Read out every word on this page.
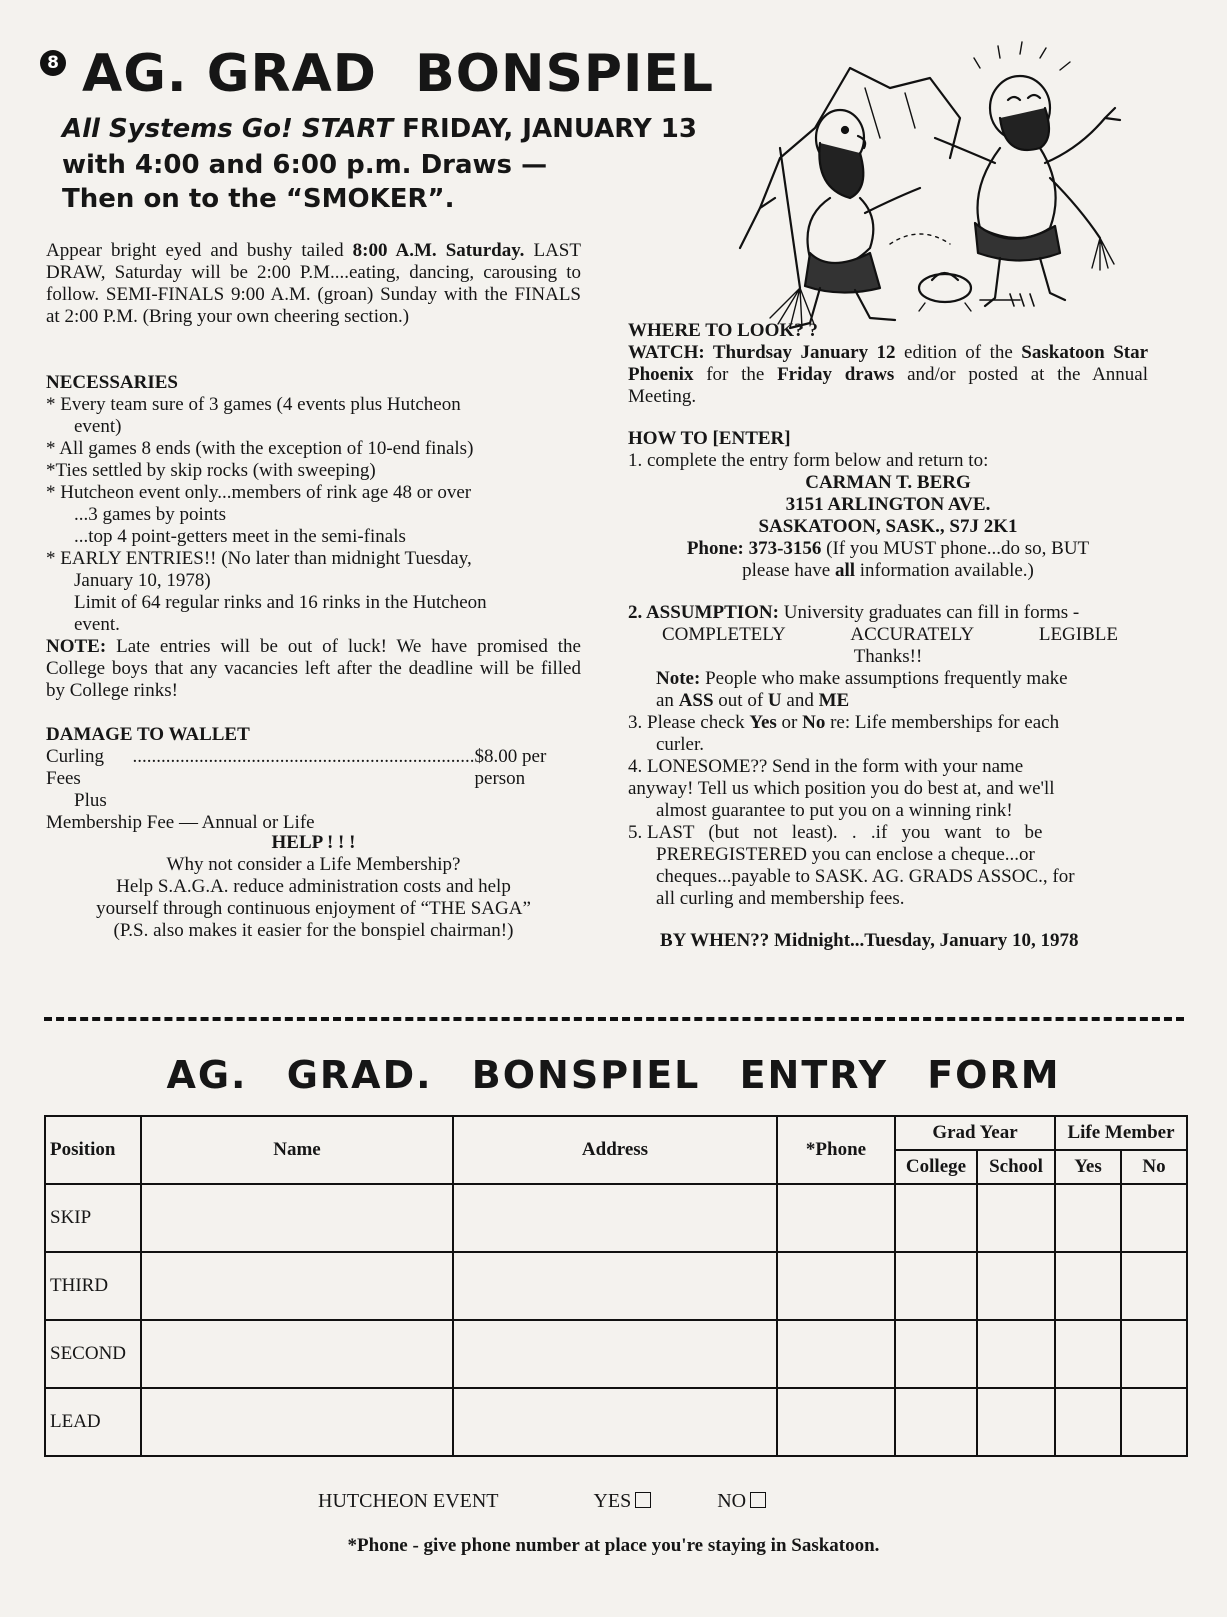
8 AG. GRAD  BONSPIEL
All Systems Go! START FRIDAY, JANUARY 13
with 4:00 and 6:00 p.m. Draws —
Then on to the “SMOKER”.
Appear bright eyed and bushy tailed 8:00 A.M. Saturday. LAST DRAW, Saturday will be 2:00 P.M....eating, dancing, carousing to follow. SEMI-FINALS 9:00 A.M. (groan) Sunday with the FINALS at 2:00 P.M. (Bring your own cheering section.)
NECESSARIES
* Every team sure of 3 games (4 events plus Hutcheon
event)
* All games 8 ends (with the exception of 10-end finals)
*Ties settled by skip rocks (with sweeping)
* Hutcheon event only...members of rink age 48 or over
...3 games by points
...top 4 point-getters meet in the semi-finals
* EARLY ENTRIES!! (No later than midnight Tuesday,
January 10, 1978)
Limit of 64 regular rinks and 16 rinks in the Hutcheon
event.
NOTE: Late entries will be out of luck! We have promised the College boys that any vacancies left after the deadline will be filled by College rinks!
DAMAGE TO WALLET
Curling Fees
........................................................................ $8.00 per person
Plus
Membership Fee — Annual or Life
HELP ! ! !
Why not consider a Life Membership?
Help S.A.G.A. reduce administration costs and help
yourself through continuous enjoyment of “THE SAGA”
(P.S. also makes it easier for the bonspiel chairman!)
WHERE TO LOOK? ?
WATCH: Thurdsay January 12 edition of the Saskatoon Star Phoenix for the Friday draws and/or posted at the Annual Meeting.
HOW TO [ENTER]
1. complete the entry form below and return to:
CARMAN T. BERG
3151 ARLINGTON AVE.
SASKATOON, SASK., S7J 2K1
Phone: 373-3156 (If you MUST phone...do so, BUT
please have all information available.)
2. ASSUMPTION: University graduates can fill in forms -
COMPLETELY	ACCURATELY	LEGIBLE
Thanks!!
Note: People who make assumptions frequently make
an ASS out of U and ME
3. Please check Yes or No re: Life memberships for each
curler.
4. LONESOME?? Send in the form with your name
anyway! Tell us which position you do best at, and we'll
almost guarantee to put you on a winning rink!
5. LAST   (but   not   least).   .   .if   you   want   to   be
PREREGISTERED you can enclose a cheque...or
cheques...payable to SASK. AG. GRADS ASSOC., for
all curling and membership fees.
BY WHEN?? Midnight...Tuesday, January 10, 1978
AG. GRAD. BONSPIEL ENTRY FORM
Position	Name	Address	*Phone	Grad Year		Life Member	
				College	School	Yes	No
SKIP							
THIRD							
SECOND							
LEAD							
HUTCHEON EVENT	YES	NO
*Phone - give phone number at place you're staying in Saskatoon.
